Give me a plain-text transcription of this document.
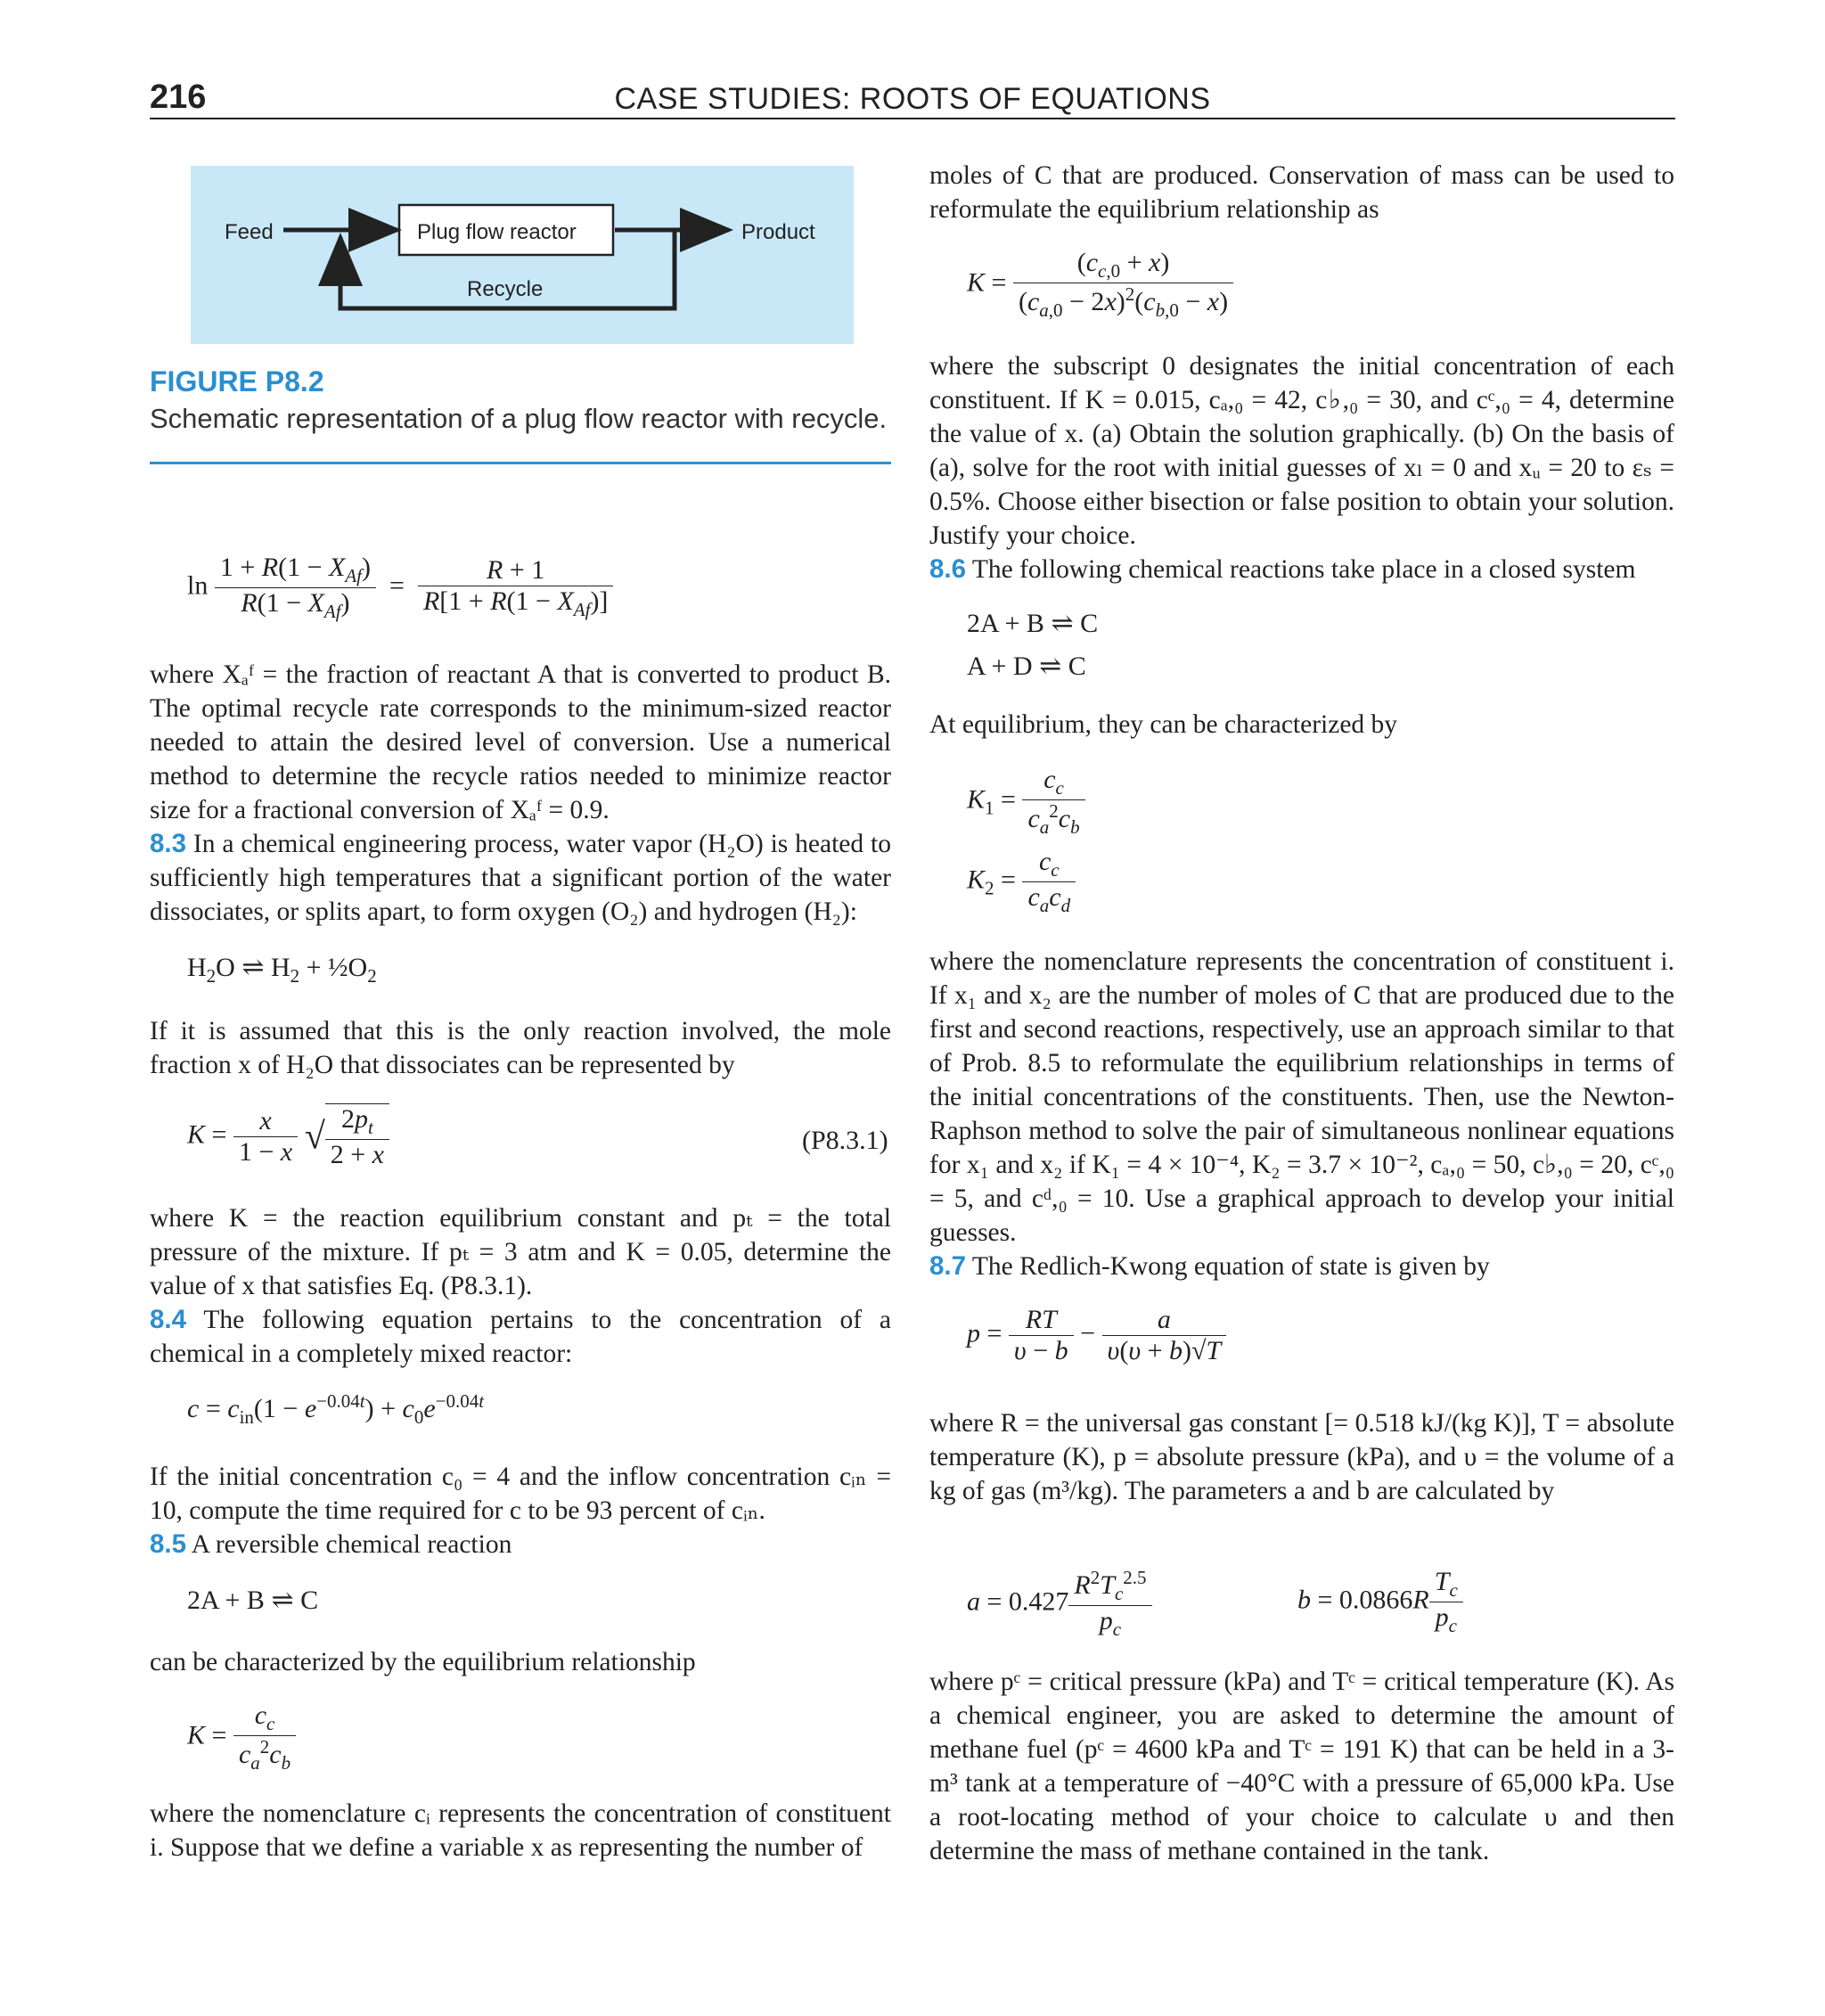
216	CASE STUDIES: ROOTS OF EQUATIONS
Feed	Plug flow reactor	Product
Recycle
FIGURE P8.2
Schematic representation of a plug flow reactor with recycle.
$\ln \frac{1 + R(1 - X_{Af})}{R(1 - X_{Af})} = \frac{R + 1}{R[1 + R(1 - X_{Af})]}$

where Xₐᶠ = the fraction of reactant A that is converted to product B. The optimal recycle rate corresponds to the minimum-sized reactor needed to attain the desired level of conversion. Use a numerical method to determine the recycle ratios needed to minimize reactor size for a fractional conversion of Xₐᶠ = 0.9.

8.3 In a chemical engineering process, water vapor (H₂O) is heated to sufficiently high temperatures that a significant portion of the water dissociates, or splits apart, to form oxygen (O₂) and hydrogen (H₂):

$H_2O$ ⇌ $H_2$ + $\frac{1}{2}O_2$

If it is assumed that this is the only reaction involved, the mole fraction x of H₂O that dissociates can be represented by

$K = \frac{x}{1 - x}$ √ $\frac{2p_t}{2 + x}$	(P8.3.1)

where K = the reaction equilibrium constant and pₜ = the total pressure of the mixture. If pₜ = 3 atm and K = 0.05, determine the value of x that satisfies Eq. (P8.3.1).

8.4 The following equation pertains to the concentration of a chemical in a completely mixed reactor:

$c = c_{in}(1 - e^{-0.04t}) + c_0e^{-0.04t}$

If the initial concentration c₀ = 4 and the inflow concentration cᵢₙ = 10, compute the time required for c to be 93 percent of cᵢₙ.

8.5 A reversible chemical reaction

2A + B ⇌ C

can be characterized by the equilibrium relationship

$K = \frac{c_c}{c_a^2c_b}$

where the nomenclature cᵢ represents the concentration of constituent i. Suppose that we define a variable x as representing the number of

moles of C that are produced. Conservation of mass can be used to reformulate the equilibrium relationship as

$K = \frac{(c_{c,0} + x)}{(c_{a,0} - 2x)^2(c_{b,0} - x)}$

where the subscript 0 designates the initial concentration of each constituent. If K = 0.015, cₐ,₀ = 42, c♭,₀ = 30, and cᶜ,₀ = 4, determine the value of x. (a) Obtain the solution graphically. (b) On the basis of (a), solve for the root with initial guesses of xₗ = 0 and xᵤ = 20 to εₛ = 0.5%. Choose either bisection or false position to obtain your solution. Justify your choice.

8.6 The following chemical reactions take place in a closed system

2A + B ⇌ C
A + D ⇌ C

At equilibrium, they can be characterized by

$K_1 = \frac{c_c}{c_a^2c_b}$
$K_2 = \frac{c_c}{c_ac_d}$

where the nomenclature represents the concentration of constituent i. If x₁ and x₂ are the number of moles of C that are produced due to the first and second reactions, respectively, use an approach similar to that of Prob. 8.5 to reformulate the equilibrium relationships in terms of the initial concentrations of the constituents. Then, use the Newton-Raphson method to solve the pair of simultaneous nonlinear equations for x₁ and x₂ if K₁ = 4 × 10⁻⁴, K₂ = 3.7 × 10⁻², cₐ,₀ = 50, c♭,₀ = 20, cᶜ,₀ = 5, and cᵈ,₀ = 10. Use a graphical approach to develop your initial guesses.

8.7 The Redlich-Kwong equation of state is given by

$p = \frac{RT}{\upsilon - b} - \frac{a}{\upsilon(\upsilon + b)√T}$

where R = the universal gas constant [= 0.518 kJ/(kg K)], T = absolute temperature (K), p = absolute pressure (kPa), and υ = the volume of a kg of gas (m³/kg). The parameters a and b are calculated by

$a = 0.427 \frac{R^2T_c^{2.5}}{p_c}$	$b = 0.0866R \frac{T_c}{p_c}$

where pᶜ = critical pressure (kPa) and Tᶜ = critical temperature (K). As a chemical engineer, you are asked to determine the amount of methane fuel (pᶜ = 4600 kPa and Tᶜ = 191 K) that can be held in a 3-m³ tank at a temperature of −40°C with a pressure of 65,000 kPa. Use a root-locating method of your choice to calculate υ and then determine the mass of methane contained in the tank.
